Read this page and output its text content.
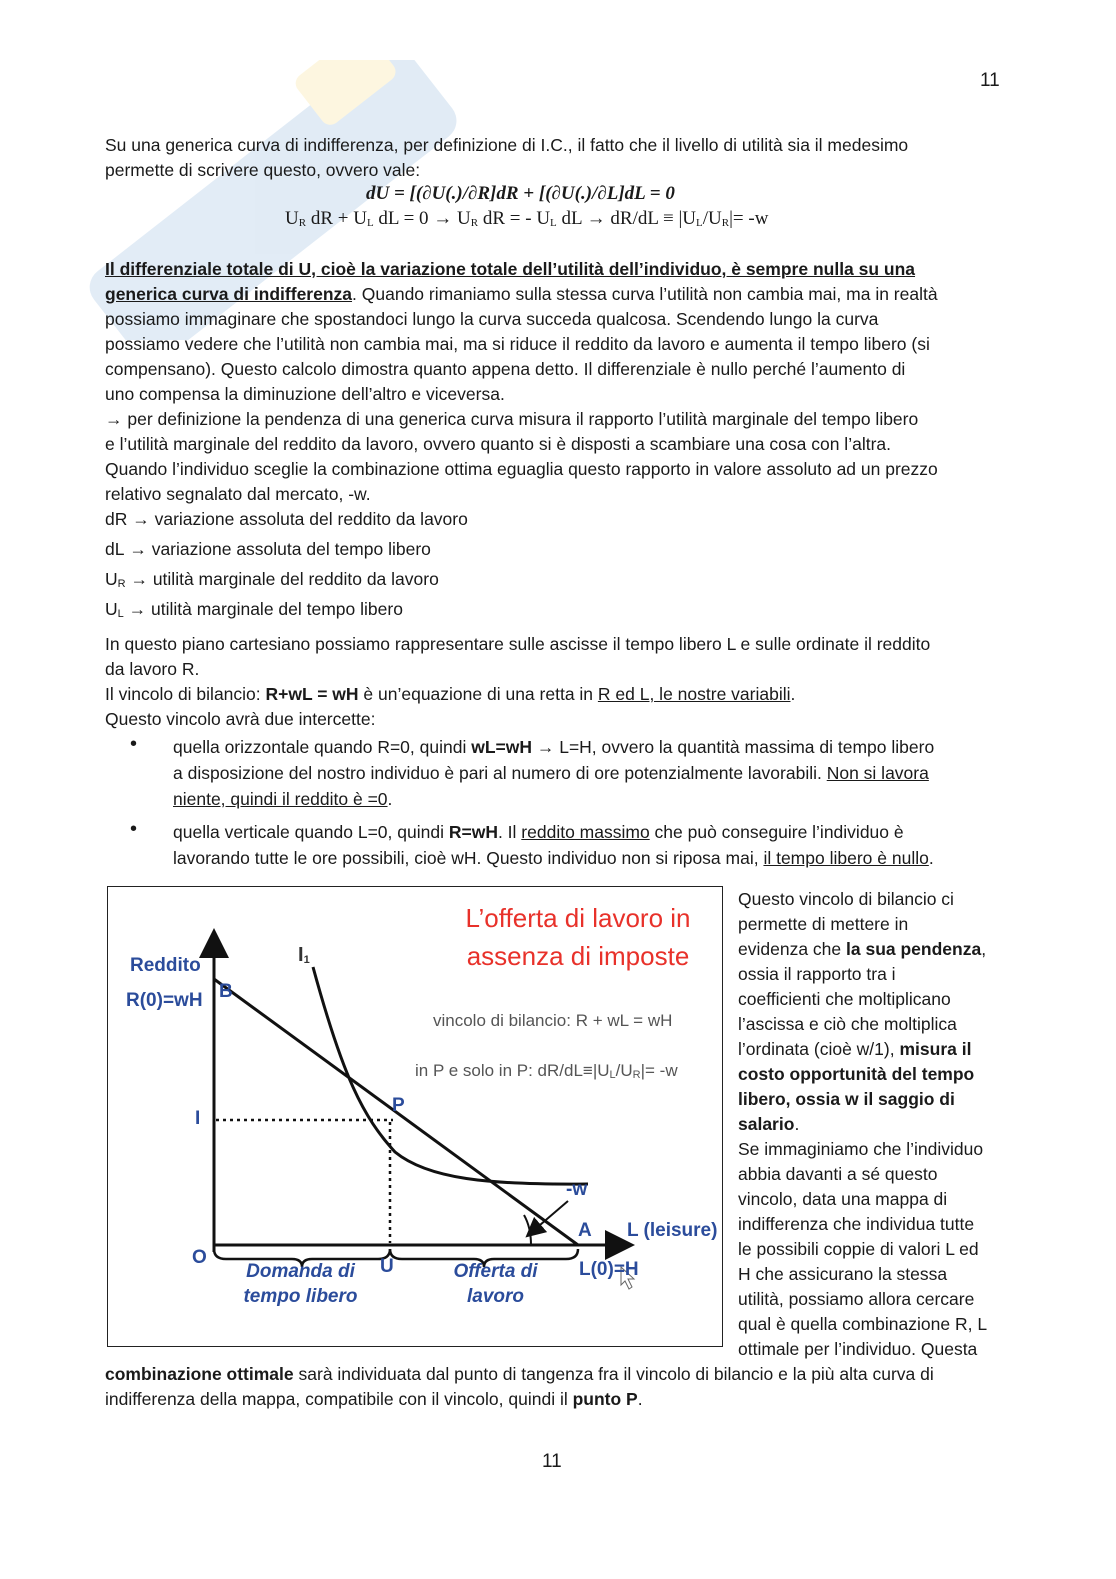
11
Su una generica curva di indifferenza, per definizione di I.C., il fatto che il livello di utilità sia il medesimo
permette di scrivere questo, ovvero vale:
dU = [(∂U(.)/∂R]dR + [(∂U(.)/∂L]dL = 0
$U_R$ dR + $U_L$ dL = $0 \to U_R$ dR = - $U_L$ dL → $dR/dL \equiv |U_L/U_R|= -w$
Il differenziale totale di U, cioè la variazione totale dell’utilità dell’individuo, è sempre nulla su una
generica curva di indifferenza. Quando rimaniamo sulla stessa curva l’utilità non cambia mai, ma in realtà
possiamo immaginare che spostandoci lungo la curva succeda qualcosa. Scendendo lungo la curva
possiamo vedere che l’utilità non cambia mai, ma si riduce il reddito da lavoro e aumenta il tempo libero (si
compensano). Questo calcolo dimostra quanto appena detto. Il differenziale è nullo perché l’aumento di
uno compensa la diminuzione dell’altro e viceversa.
→ per definizione la pendenza di una generica curva misura il rapporto l’utilità marginale del tempo libero
e l’utilità marginale del reddito da lavoro, ovvero quanto si è disposti a scambiare una cosa con l’altra.
Quando l’individuo sceglie la combinazione ottima eguaglia questo rapporto in valore assoluto ad un prezzo
relativo segnalato dal mercato, -w.
dR → variazione assoluta del reddito da lavoro
dL → variazione assoluta del tempo libero
$U_R$ → utilità marginale del reddito da lavoro
$U_L$ → utilità marginale del tempo libero
In questo piano cartesiano possiamo rappresentare sulle ascisse il tempo libero L e sulle ordinate il reddito
da lavoro R.
Il vincolo di bilancio: R+wL = wH è un’equazione di una retta in R ed L, le nostre variabili.
Questo vincolo avrà due intercette:
• quella orizzontale quando R=0, quindi wL=wH → L=H, ovvero la quantità massima di tempo libero
a disposizione del nostro individuo è pari al numero di ore potenzialmente lavorabili. Non si lavora
niente, quindi il reddito è =0.
• quella verticale quando L=0, quindi R=wH. Il reddito massimo che può conseguire l’individuo è
lavorando tutte le ore possibili, cioè wH. Questo individuo non si riposa mai, il tempo libero è nullo.
L’offerta di lavoro in
assenza di imposte
Reddito
R(0)=wH B
$I_1$
vincolo di bilancio: R + wL = wH
in P e solo in P: $dR/dL\equiv|U_L/U_R|= -w$
I
P
-w
A L (leisure)
O	U	L(0)=H
Domanda di
tempo libero
Offerta di
lavoro
Questo vincolo di bilancio ci
permette di mettere in
evidenza che la sua pendenza,
ossia il rapporto tra i
coefficienti che moltiplicano
l’ascissa e ciò che moltiplica
l’ordinata (cioè w/1), misura il
costo opportunità del tempo
libero, ossia w il saggio di
salario.
Se immaginiamo che l’individuo
abbia davanti a sé questo
vincolo, data una mappa di
indifferenza che individua tutte
le possibili coppie di valori L ed
H che assicurano la stessa
utilità, possiamo allora cercare
qual è quella combinazione R, L
ottimale per l’individuo. Questa
combinazione ottimale sarà individuata dal punto di tangenza fra il vincolo di bilancio e la più alta curva di
indifferenza della mappa, compatibile con il vincolo, quindi il punto P.
11
